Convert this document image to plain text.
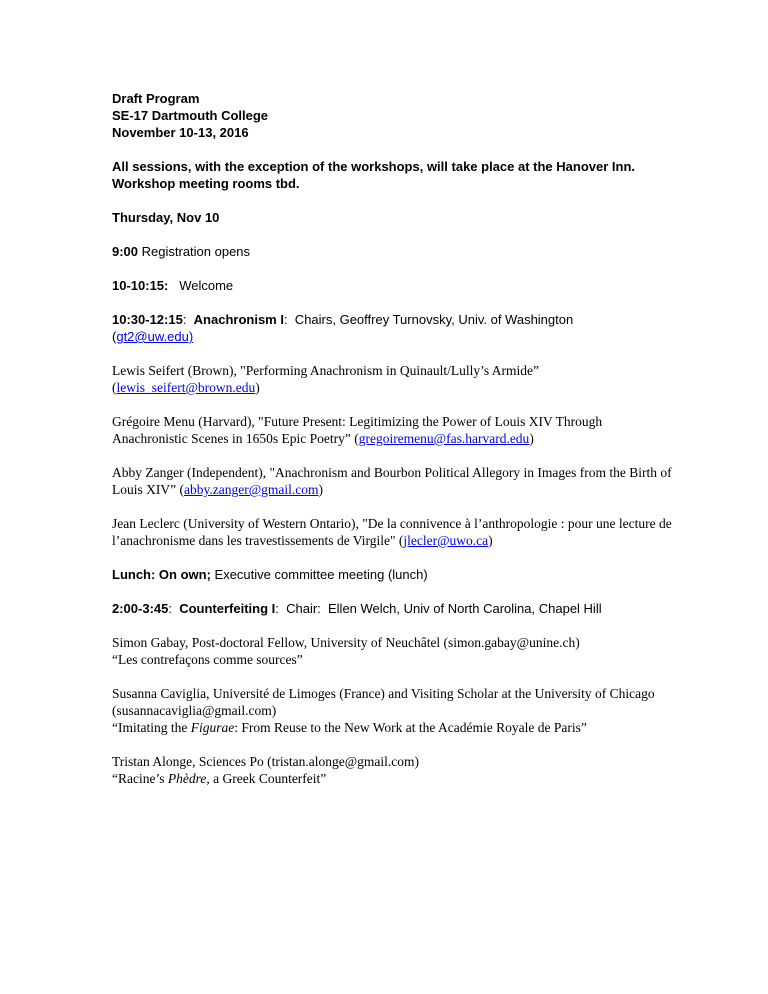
Draft Program

SE-17 Dartmouth College

November 10-13, 2016

All sessions, with the exception of the workshops, will take place at the Hanover Inn. Workshop meeting rooms tbd.

Thursday, Nov 10

9:00 Registration opens

10-10:15:   Welcome

10:30-12:15:  Anachronism I:  Chairs, Geoffrey Turnovsky, Univ. of Washington
(gt2@uw.edu)

Lewis Seifert (Brown), "Performing Anachronism in Quinault/Lully’s Armide” (lewis_seifert@brown.edu)

Grégoire Menu (Harvard), "Future Present: Legitimizing the Power of Louis XIV Through Anachronistic Scenes in 1650s Epic Poetry” (gregoiremenu@fas.harvard.edu)

Abby Zanger (Independent), "Anachronism and Bourbon Political Allegory in Images from the Birth of Louis XIV” (abby.zanger@gmail.com)

Jean Leclerc (University of Western Ontario), "De la connivence à l’anthropologie : pour une lecture de l’anachronisme dans les travestissements de Virgile" (jlecler@uwo.ca)

Lunch: On own; Executive committee meeting (lunch)

2:00-3:45:  Counterfeiting I:  Chair:  Ellen Welch, Univ of North Carolina, Chapel Hill

Simon Gabay, Post-doctoral Fellow, University of Neuchâtel (simon.gabay@unine.ch)

“Les contrefaçons comme sources”

Susanna Caviglia, Université de Limoges (France) and Visiting Scholar at the University of Chicago (susannacaviglia@gmail.com)

“Imitating the Figurae: From Reuse to the New Work at the Académie Royale de Paris”

Tristan Alonge, Sciences Po (tristan.alonge@gmail.com)

“Racine’s Phèdre, a Greek Counterfeit”
